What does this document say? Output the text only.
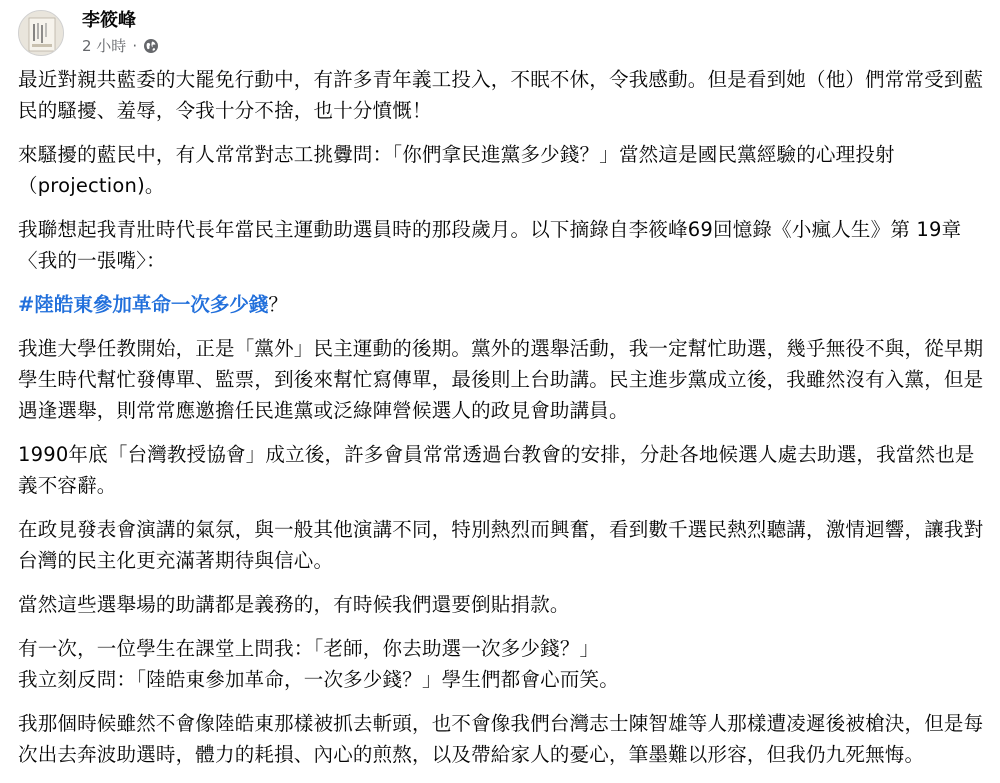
李筱峰
2 小時 ·

最近對親共藍委的大罷免行動中，有許多青年義工投入，不眠不休，令我感動。但是看到她（他）們常常受到藍民的騷擾、羞辱，令我十分不捨，也十分憤慨！

來騷擾的藍民中，有人常常對志工挑釁問：「你們拿民進黨多少錢？」當然這是國民黨經驗的心理投射（projection)。

我聯想起我青壯時代長年當民主運動助選員時的那段歲月。以下摘錄自李筱峰69回憶錄《小瘋人生》第 19章〈我的一張嘴〉：

#陸皓東參加革命一次多少錢？

我進大學任教開始，正是「黨外」民主運動的後期。黨外的選舉活動，我一定幫忙助選，幾乎無役不與，從早期學生時代幫忙發傳單、監票，到後來幫忙寫傳單，最後則上台助講。民主進步黨成立後，我雖然沒有入黨，但是遇逢選舉，則常常應邀擔任民進黨或泛綠陣營候選人的政見會助講員。

1990年底「台灣教授協會」成立後，許多會員常常透過台教會的安排，分赴各地候選人處去助選，我當然也是義不容辭。

在政見發表會演講的氣氛，與一般其他演講不同，特別熱烈而興奮，看到數千選民熱烈聽講，激情迴響，讓我對台灣的民主化更充滿著期待與信心。

當然這些選舉場的助講都是義務的，有時候我們還要倒貼捐款。

有一次，一位學生在課堂上問我：「老師，你去助選一次多少錢？」
我立刻反問：「陸皓東參加革命，一次多少錢？」學生們都會心而笑。

我那個時候雖然不會像陸皓東那樣被抓去斬頭，也不會像我們台灣志士陳智雄等人那樣遭凌遲後被槍決，但是每次出去奔波助選時，體力的耗損、內心的煎熬，以及帶給家人的憂心，筆墨難以形容，但我仍九死無悔。
